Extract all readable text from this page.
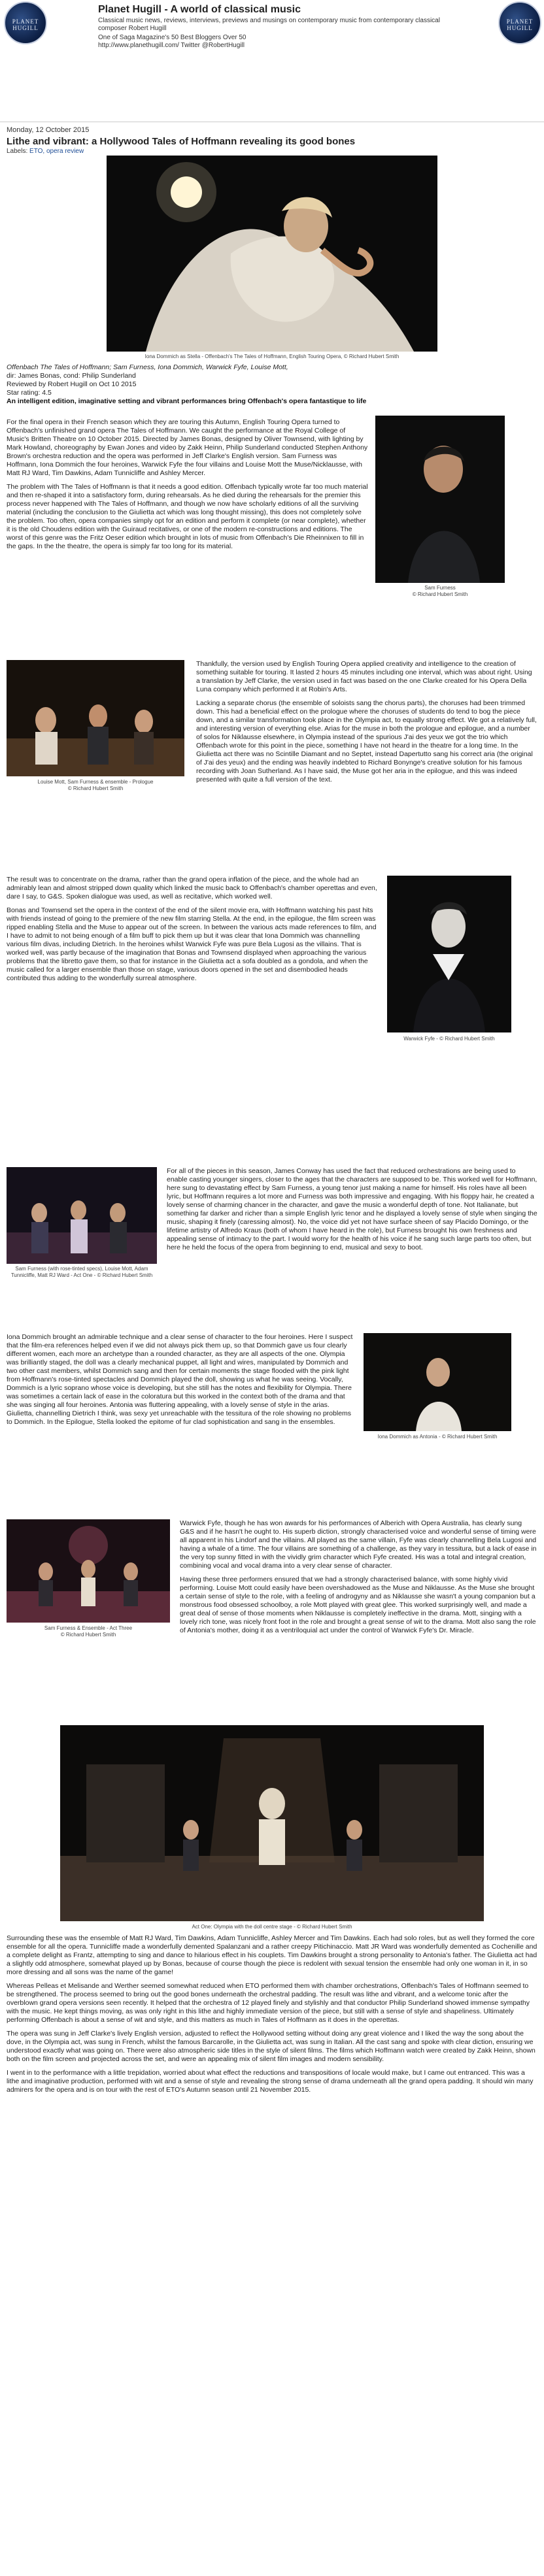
PLANET HUGILL
Planet Hugill - A world of classical music
Classical music news, reviews, interviews, previews and musings on contemporary music from contemporary classical composer Robert Hugill
One of Saga Magazine's 50 Best Bloggers Over 50
http://www.planethugill.com/ Twitter @RobertHugill
PLANET HUGILL
Monday, 12 October 2015
Lithe and vibrant: a Hollywood Tales of Hoffmann revealing its good bones
Labels: ETO, opera review
Iona Dommich as Stella - Offenbach's The Tales of Hoffmann, English Touring Opera, © Richard Hubert Smith
Offenbach The Tales of Hoffmann; Sam Furness, Iona Dommich, Warwick Fyfe, Louise Mott,
dir: James Bonas, cond: Philip Sunderland
Reviewed by Robert Hugill on Oct 10 2015
Star rating: 4.5
An intelligent edition, imaginative setting and vibrant performances bring Offenbach's opera fantastique to life
Sam Furness
© Richard Hubert Smith

For the final opera in their French season which they are touring this Autumn, English Touring Opera turned to Offenbach's unfinished grand opera The Tales of Hoffmann. We caught the performance at the Royal College of Music's Britten Theatre on 10 October 2015. Directed by James Bonas, designed by Oliver Townsend, with lighting by Mark Howland, choreography by Ewan Jones and video by Zakk Heinn, Philip Sunderland conducted Stephen Anthony Brown's orchestra reduction and the opera was performed in Jeff Clarke's English version. Sam Furness was Hoffmann, Iona Dommich the four heroines, Warwick Fyfe the four villains and Louise Mott the Muse/Nicklausse, with Matt RJ Ward, Tim Dawkins, Adam Tunnicliffe and Ashley Mercer.

The problem with The Tales of Hoffmann is that it needs a good edition. Offenbach typically wrote far too much material and then re-shaped it into a satisfactory form, during rehearsals. As he died during the rehearsals for the premier this process never happened with The Tales of Hoffmann, and though we now have scholarly editions of all the surviving material (including the conclusion to the Giulietta act which was long thought missing), this does not completely solve the problem. Too often, opera companies simply opt for an edition and perform it complete (or near complete), whether it is the old Choudens edition with the Guiraud recitatives, or one of the modern re-constructions and editions. The worst of this genre was the Fritz Oeser edition which brought in lots of music from Offenbach's Die Rheinnixen to fill in the gaps. In the the theatre, the opera is simply far too long for its material.

Louise Mott, Sam Furness & ensemble - Prologue
© Richard Hubert Smith

Thankfully, the version used by English Touring Opera applied creativity and intelligence to the creation of something suitable for touring. It lasted 2 hours 45 minutes including one interval, which was about right. Using a translation by Jeff Clarke, the version used in fact was based on the one Clarke created for his Opera Della Luna company which performed it at Robin's Arts.

Lacking a separate chorus (the ensemble of soloists sang the chorus parts), the choruses had been trimmed down. This had a beneficial effect on the prologue where the choruses of students do tend to bog the piece down, and a similar transformation took place in the Olympia act, to equally strong effect. We got a relatively full, and interesting version of everything else. Arias for the muse in both the prologue and epilogue, and a number of solos for Niklausse elsewhere, in Olympia instead of the spurious J'ai des yeux we got the trio which Offenbach wrote for this point in the piece, something I have not heard in the theatre for a long time. In the Giulietta act there was no Scintille Diamant and no Septet, instead Dapertutto sang his correct aria (the original of J'ai des yeux) and the ending was heavily indebted to Richard Bonynge's creative solution for his famous recording with Joan Sutherland. As I have said, the Muse got her aria in the epilogue, and this was indeed presented with quite a full version of the text.

Warwick Fyfe - © Richard Hubert Smith

The result was to concentrate on the drama, rather than the grand opera inflation of the piece, and the whole had an admirably lean and almost stripped down quality which linked the music back to Offenbach's chamber operettas and even, dare I say, to G&S. Spoken dialogue was used, as well as recitative, which worked well.

Bonas and Townsend set the opera in the context of the end of the silent movie era, with Hoffmann watching his past hits with friends instead of going to the premiere of the new film starring Stella. At the end, in the epilogue, the film screen was ripped enabling Stella and the Muse to appear out of the screen. In between the various acts made references to film, and I have to admit to not being enough of a film buff to pick them up but it was clear that Iona Dommich was channelling various film divas, including Dietrich. In the heroines whilst Warwick Fyfe was pure Bela Lugosi as the villains. That is worked well, was partly because of the imagination that Bonas and Townsend displayed when approaching the various problems that the libretto gave them, so that for instance in the Giulietta act a sofa doubled as a gondola, and when the music called for a larger ensemble than those on stage, various doors opened in the set and disembodied heads contributed thus adding to the wonderfully surreal atmosphere.

Sam Furness (with rose-tinted specs), Louise Mott, Adam Tunnicliffe, Matt RJ Ward - Act One - © Richard Hubert Smith

For all of the pieces in this season, James Conway has used the fact that reduced orchestrations are being used to enable casting younger singers, closer to the ages that the characters are supposed to be. This worked well for Hoffmann, here sung to devastating effect by Sam Furness, a young tenor just making a name for himself. His roles have all been lyric, but Hoffmann requires a lot more and Furness was both impressive and engaging. With his floppy hair, he created a lovely sense of charming chancer in the character, and gave the music a wonderful depth of tone. Not Italianate, but something far darker and richer than a simple English lyric tenor and he displayed a lovely sense of style when singing the music, shaping it finely (caressing almost). No, the voice did yet not have surface sheen of say Placido Domingo, or the lifetime artistry of Alfredo Kraus (both of whom I have heard in the role), but Furness brought his own freshness and appealing sense of intimacy to the part. I would worry for the health of his voice if he sang such large parts too often, but here he held the focus of the opera from beginning to end, musical and sexy to boot.

Iona Dommich as Antonia - © Richard Hubert Smith

Iona Dommich brought an admirable technique and a clear sense of character to the four heroines. Here I suspect that the film-era references helped even if we did not always pick them up, so that Dommich gave us four clearly different women, each more an archetype than a rounded character, as they are all aspects of the one. Olympia was brilliantly staged, the doll was a clearly mechanical puppet, all light and wires, manipulated by Dommich and two other cast members, whilst Dommich sang and then for certain moments the stage flooded with the pink light from Hoffmann's rose-tinted spectacles and Dommich played the doll, showing us what he was seeing. Vocally, Dommich is a lyric soprano whose voice is developing, but she still has the notes and flexibility for Olympia. There was sometimes a certain lack of ease in the coloratura but this worked in the context both of the drama and that she was singing all four heroines. Antonia was fluttering appealing, with a lovely sense of style in the arias. Giulietta, channelling Dietrich I think, was sexy yet unreachable with the tessitura of the role showing no problems to Dommich. In the Epilogue, Stella looked the epitome of fur clad sophistication and sang in the ensembles.

Sam Furness & Ensemble - Act Three
© Richard Hubert Smith

Warwick Fyfe, though he has won awards for his performances of Alberich with Opera Australia, has clearly sung G&S and if he hasn't he ought to. His superb diction, strongly characterised voice and wonderful sense of timing were all apparent in his Lindorf and the villains. All played as the same villain, Fyfe was clearly channelling Bela Lugosi and having a whale of a time. The four villains are something of a challenge, as they vary in tessitura, but a lack of ease in the very top sunny fitted in with the vividly grim character which Fyfe created. His was a total and integral creation, combining vocal and vocal drama into a very clear sense of character.

Having these three performers ensured that we had a strongly characterised balance, with some highly vivid performing. Louise Mott could easily have been overshadowed as the Muse and Niklausse. As the Muse she brought a certain sense of style to the role, with a feeling of androgyny and as Niklausse she wasn't a young companion but a monstrous food obsessed schoolboy, a role Mott played with great glee. This worked surprisingly well, and made a great deal of sense of those moments when Niklausse is completely ineffective in the drama. Mott, singing with a lovely rich tone, was nicely front foot in the role and brought a great sense of wit to the drama. Mott also sang the role of Antonia's mother, doing it as a ventriloquial act under the control of Warwick Fyfe's Dr. Miracle.

Act One: Olympia with the doll centre stage - © Richard Hubert Smith

Surrounding these was the ensemble of Matt RJ Ward, Tim Dawkins, Adam Tunnicliffe, Ashley Mercer and Tim Dawkins. Each had solo roles, but as well they formed the core ensemble for all the opera. Tunnicliffe made a wonderfully demented Spalanzani and a rather creepy Pitichinaccio. Matt JR Ward was wonderfully demented as Cochenille and a complete delight as Frantz, attempting to sing and dance to hilarious effect in his couplets. Tim Dawkins brought a strong personality to Antonia's father. The Giulietta act had a slightly odd atmosphere, somewhat played up by Bonas, because of course though the piece is redolent with sexual tension the ensemble had only one woman in it, in so more dressing and all sons was the name of the game!

Whereas Pelleas et Melisande and Werther seemed somewhat reduced when ETO performed them with chamber orchestrations, Offenbach's Tales of Hoffmann seemed to be strengthened. The process seemed to bring out the good bones underneath the orchestral padding. The result was lithe and vibrant, and a welcome tonic after the overblown grand opera versions seen recently. It helped that the orchestra of 12 played finely and stylishly and that conductor Philip Sunderland showed immense sympathy with the music. He kept things moving, as was only right in this lithe and highly immediate version of the piece, but still with a sense of style and shapeliness. Ultimately performing Offenbach is about a sense of wit and style, and this matters as much in Tales of Hoffmann as it does in the operettas.

The opera was sung in Jeff Clarke's lively English version, adjusted to reflect the Hollywood setting without doing any great violence and I liked the way the song about the dove, in the Olympia act, was sung in French, whilst the famous Barcarolle, in the Giulietta act, was sung in Italian. All the cast sang and spoke with clear diction, ensuring we understood exactly what was going on. There were also atmospheric side titles in the style of silent films. The films which Hoffmann watch were created by Zakk Heinn, shown both on the film screen and projected across the set, and were an appealing mix of silent film images and modern sensibility.

I went in to the performance with a little trepidation, worried about what effect the reductions and transpositions of locale would make, but I came out entranced. This was a lithe and imaginative production, performed with wit and a sense of style and revealing the strong sense of drama underneath all the grand opera padding. It should win many admirers for the opera and is on tour with the rest of ETO's Autumn season until 21 November 2015.
